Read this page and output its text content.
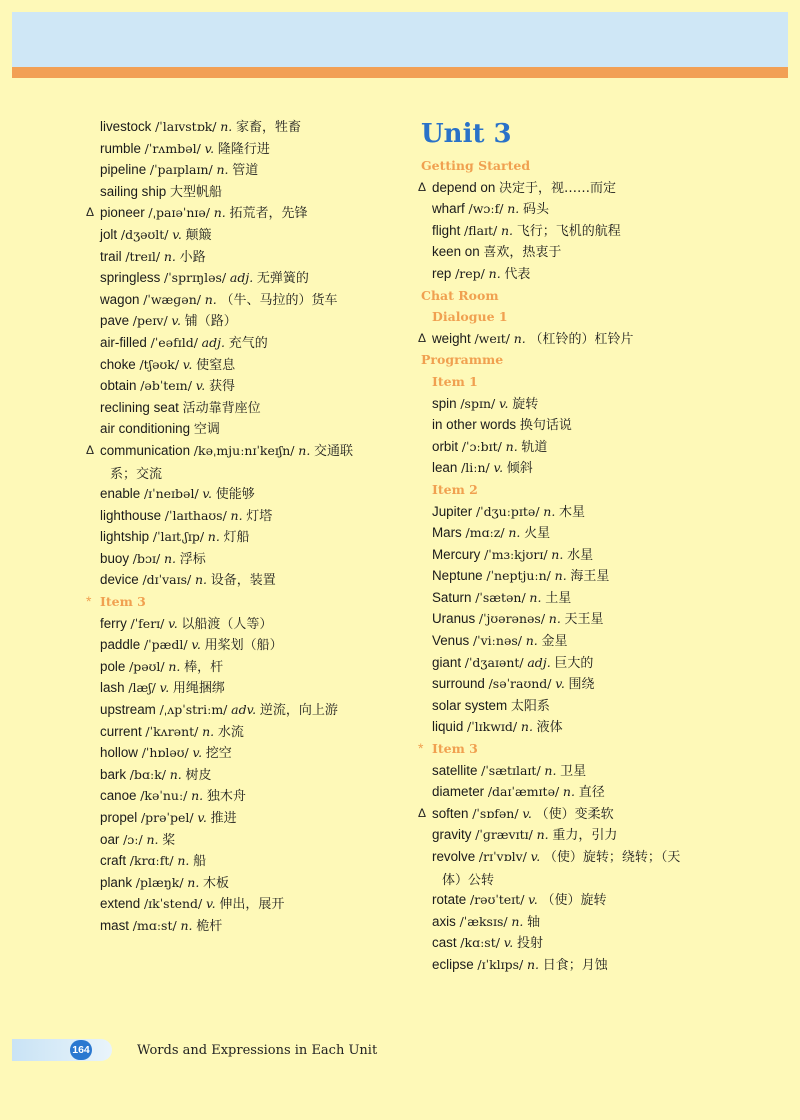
livestock /ˈlaɪvstɒk/ n. 家畜，牲畜
rumble /ˈrʌmbəl/ v. 隆隆行进
pipeline /ˈpaɪplaɪn/ n. 管道
sailing ship 大型帆船
Δ pioneer /ˌpaɪəˈnɪə/ n. 拓荒者，先锋
jolt /dʒəʊlt/ v. 颠簸
trail /treɪl/ n. 小路
springless /ˈsprɪŋləs/ adj. 无弹簧的
wagon /ˈwæɡən/ n. （牛、马拉的）货车
pave /peɪv/ v. 铺（路）
air-filled /ˈeəfɪld/ adj. 充气的
choke /tʃəʊk/ v. 使窒息
obtain /əbˈteɪn/ v. 获得
reclining seat 活动靠背座位
air conditioning 空调
Δ communication /kəˌmjuːnɪˈkeɪʃn/ n. 交通联
系；交流
enable /ɪˈneɪbəl/ v. 使能够
lighthouse /ˈlaɪthaʊs/ n. 灯塔
lightship /ˈlaɪtˌʃɪp/ n. 灯船
buoy /bɔɪ/ n. 浮标
device /dɪˈvaɪs/ n. 设备，装置
* Item 3
ferry /ˈferɪ/ v. 以船渡（人等）
paddle /ˈpædl/ v. 用桨划（船）
pole /pəʊl/ n. 棒，杆
lash /læʃ/ v. 用绳捆绑
upstream /ˌʌpˈstriːm/ adv. 逆流，向上游
current /ˈkʌrənt/ n. 水流
hollow /ˈhɒləʊ/ v. 挖空
bark /bɑːk/ n. 树皮
canoe /kəˈnuː/ n. 独木舟
propel /prəˈpel/ v. 推进
oar /ɔː/ n. 桨
craft /krɑːft/ n. 船
plank /plæŋk/ n. 木板
extend /ɪkˈstend/ v. 伸出，展开
mast /mɑːst/ n. 桅杆
Unit 3
Getting Started
Δ depend on 决定于，视……而定
wharf /wɔːf/ n. 码头
flight /flaɪt/ n. 飞行；飞机的航程
keen on 喜欢，热衷于
rep /rep/ n. 代表
Chat Room
Dialogue 1
Δ weight /weɪt/ n. （杠铃的）杠铃片
Programme
Item 1
spin /spɪn/ v. 旋转
in other words 换句话说
orbit /ˈɔːbɪt/ n. 轨道
lean /liːn/ v. 倾斜
Item 2
Jupiter /ˈdʒuːpɪtə/ n. 木星
Mars /mɑːz/ n. 火星
Mercury /ˈmɜːkjʊrɪ/ n. 水星
Neptune /ˈneptjuːn/ n. 海王星
Saturn /ˈsætən/ n. 土星
Uranus /ˈjʊərənəs/ n. 天王星
Venus /ˈviːnəs/ n. 金星
giant /ˈdʒaɪənt/ adj. 巨大的
surround /səˈraʊnd/ v. 围绕
solar system 太阳系
liquid /ˈlɪkwɪd/ n. 液体
* Item 3
satellite /ˈsætɪlaɪt/ n. 卫星
diameter /daɪˈæmɪtə/ n. 直径
Δ soften /ˈsɒfən/ v. （使）变柔软
gravity /ˈɡrævɪtɪ/ n. 重力，引力
revolve /rɪˈvɒlv/ v. （使）旋转；绕转；（天
体）公转
rotate /rəʊˈteɪt/ v. （使）旋转
axis /ˈæksɪs/ n. 轴
cast /kɑːst/ v. 投射
eclipse /ɪˈklɪps/ n. 日食；月蚀
164	Words and Expressions in Each Unit
